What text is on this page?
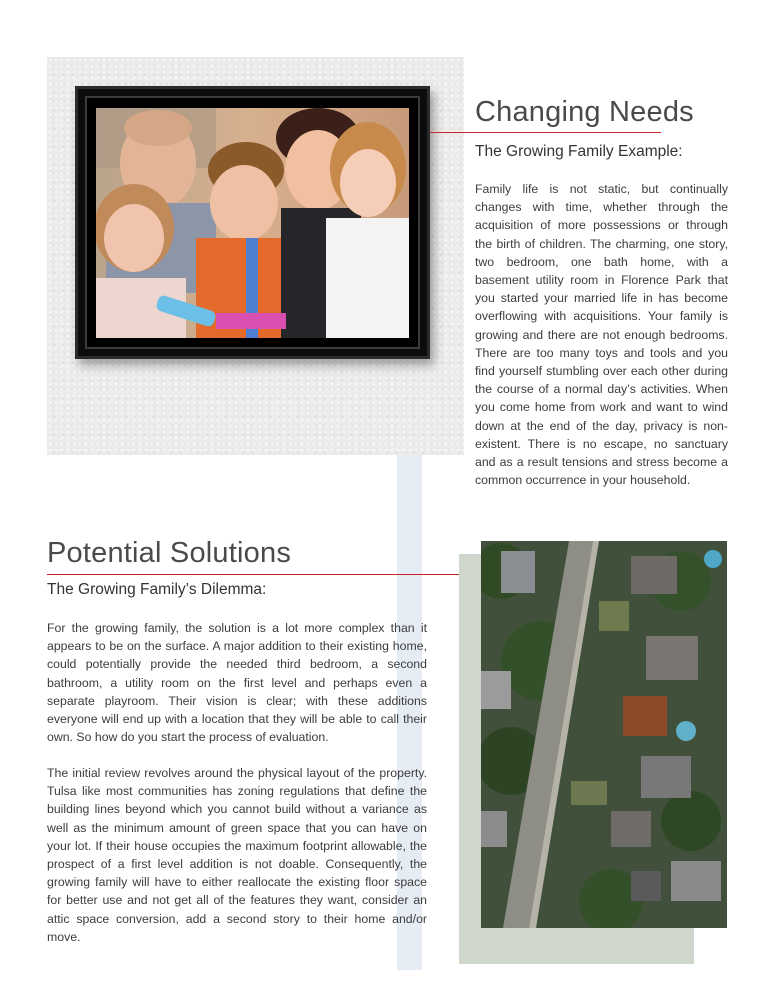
Changing Needs
The Growing Family Example:

Family life is not static, but continually changes with time, whether through the acquisition of more possessions or through the birth of children. The charming, one story, two bedroom, one bath home, with a basement utility room in Florence Park that you started your married life in has become overflowing with acquisitions. Your family is growing and there are not enough bedrooms. There are too many toys and tools and you find yourself stumbling over each other during the course of a normal day’s activities. When you come home from work and want to wind down at the end of the day, privacy is non-existent. There is no escape, no sanctuary and as a result tensions and stress become a common occurrence in your household.

Potential Solutions
The Growing Family’s Dilemma:

For the growing family, the solution is a lot more complex than it appears to be on the surface. A major addition to their existing home, could potentially provide the needed third bedroom, a second bathroom, a utility room on the first level and perhaps even a separate playroom. Their vision is clear; with these additions everyone will end up with a location that they will be able to call their own. So how do you start the process of evaluation.

The initial review revolves around the physical layout of the property. Tulsa like most communities has zoning regulations that define the building lines beyond which you cannot build without a variance as well as the minimum amount of green space that you can have on your lot. If their house occupies the maximum footprint allowable, the prospect of a first level addition is not doable. Consequently, the growing family will have to either reallocate the existing floor space for better use and not get all of the features they want, consider an attic space conversion, add a second story to their home and/or move.
